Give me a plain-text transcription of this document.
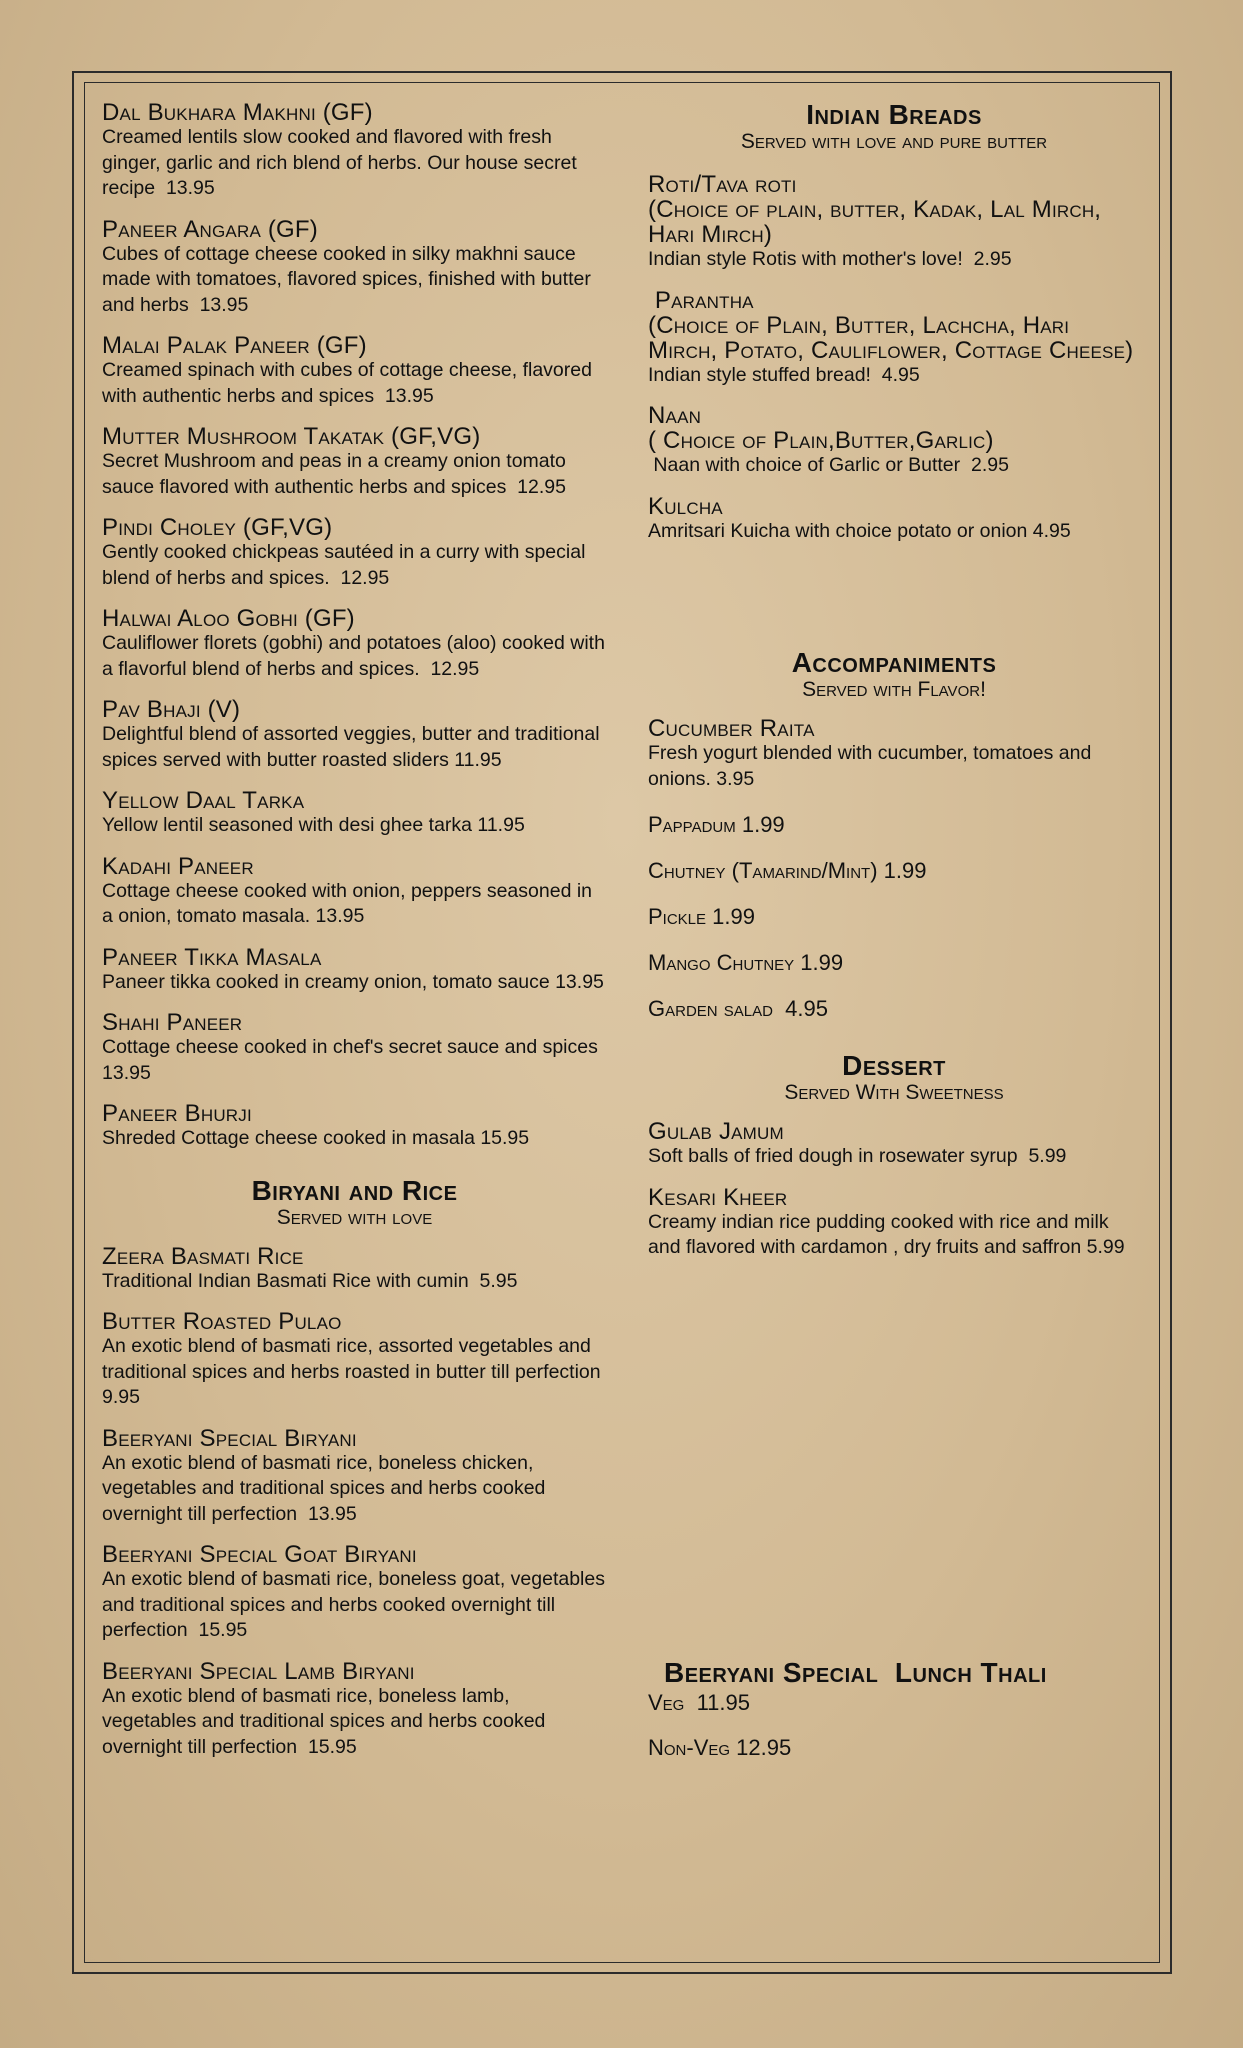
Dal Bukhara Makhni (GF)
Creamed lentils slow cooked and flavored with fresh ginger, garlic and rich blend of herbs. Our house secret recipe  13.95
Paneer Angara (GF)
Cubes of cottage cheese cooked in silky makhni sauce made with tomatoes, flavored spices, finished with butter and herbs  13.95
Malai Palak Paneer (GF)
Creamed spinach with cubes of cottage cheese, flavored with authentic herbs and spices  13.95
Mutter Mushroom Takatak (GF,VG)
Secret Mushroom and peas in a creamy onion tomato sauce flavored with authentic herbs and spices  12.95
Pindi Choley (GF,VG)
Gently cooked chickpeas sautéed in a curry with special blend of herbs and spices.  12.95
Halwai Aloo Gobhi (GF)
Cauliflower florets (gobhi) and potatoes (aloo) cooked with a flavorful blend of herbs and spices.  12.95
Pav Bhaji (V)
Delightful blend of assorted veggies, butter and traditional spices served with butter roasted sliders 11.95
Yellow Daal Tarka
Yellow lentil seasoned with desi ghee tarka 11.95
Kadahi Paneer
Cottage cheese cooked with onion, peppers seasoned in a onion, tomato masala. 13.95
Paneer Tikka Masala
Paneer tikka cooked in creamy onion, tomato sauce 13.95
Shahi Paneer
Cottage cheese cooked in chef's secret sauce and spices 13.95
Paneer Bhurji
Shreded Cottage cheese cooked in masala 15.95
Biryani and Rice
Served with love
Zeera Basmati Rice
Traditional Indian Basmati Rice with cumin  5.95
Butter Roasted Pulao
An exotic blend of basmati rice, assorted vegetables and traditional spices and herbs roasted in butter till perfection  9.95
Beeryani Special Biryani
An exotic blend of basmati rice, boneless chicken, vegetables and traditional spices and herbs cooked overnight till perfection  13.95
Beeryani Special Goat Biryani
An exotic blend of basmati rice, boneless goat, vegetables and traditional spices and herbs cooked overnight till perfection  15.95
Beeryani Special Lamb Biryani
An exotic blend of basmati rice, boneless lamb, vegetables and traditional spices and herbs cooked overnight till perfection  15.95
Indian Breads
Served with love and pure butter
Roti/Tava roti
(Choice of plain, butter, Kadak, Lal Mirch, Hari Mirch)
Indian style Rotis with mother's love!  2.95
Parantha
(Choice of Plain, Butter, Lachcha, Hari Mirch, Potato, Cauliflower, Cottage Cheese)
Indian style stuffed bread!  4.95
Naan
( Choice of Plain,Butter,Garlic)
Naan with choice of Garlic or Butter  2.95
Kulcha
Amritsari Kuicha with choice potato or onion 4.95
Accompaniments
Served with Flavor!
Cucumber Raita
Fresh yogurt blended with cucumber, tomatoes and onions. 3.95
Pappadum 1.99
Chutney (Tamarind/Mint) 1.99
Pickle 1.99
Mango Chutney 1.99
Garden salad  4.95
Dessert
Served With Sweetness
Gulab Jamum
Soft balls of fried dough in rosewater syrup  5.99
Kesari Kheer
Creamy indian rice pudding cooked with rice and milk and flavored with cardamon , dry fruits and saffron 5.99
Beeryani Special  Lunch Thali
Veg  11.95
Non-Veg 12.95
